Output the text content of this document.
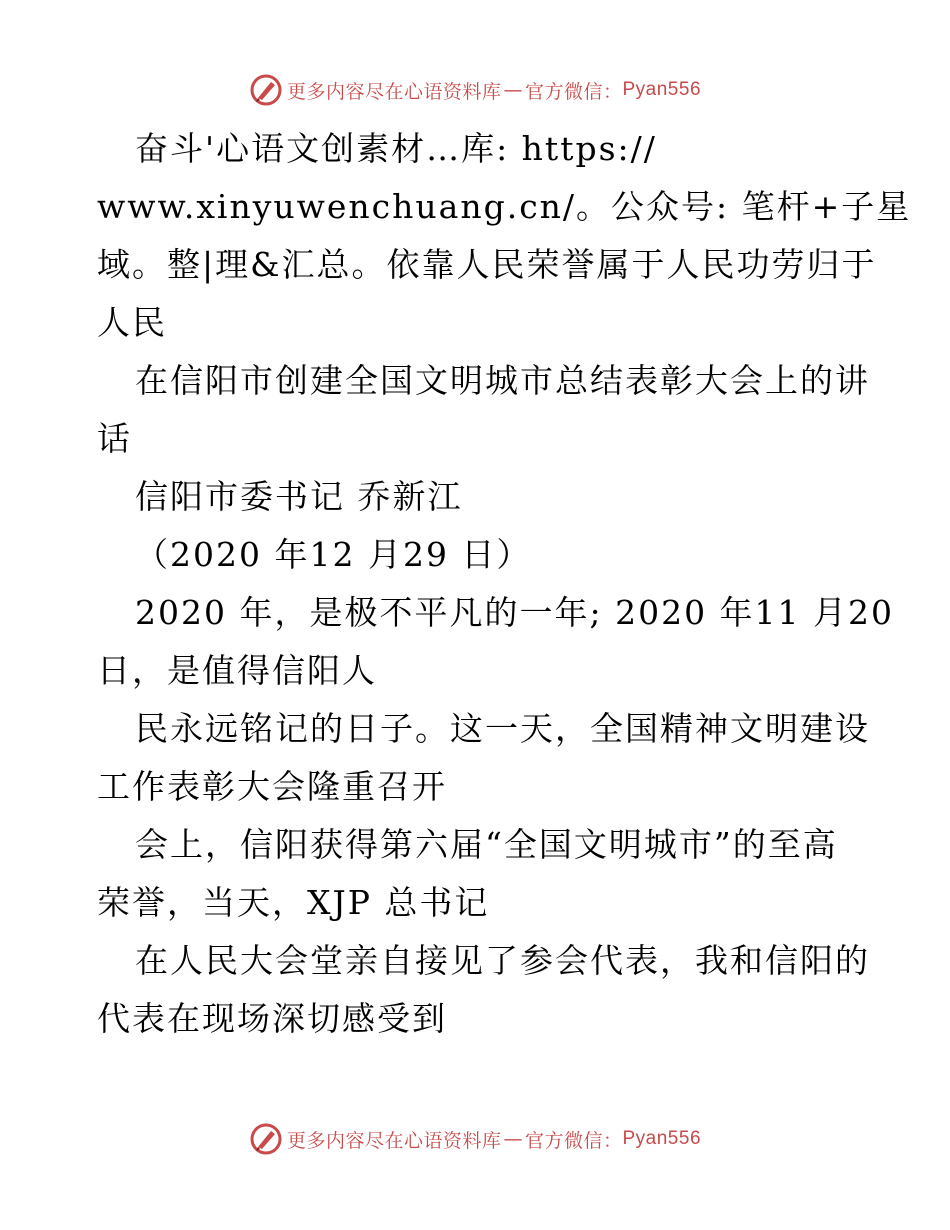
更多内容尽在心语资料库 — 官方微信： Pyan556

奋斗'心语文创素材…库: https://

www.xinyuwenchuang.cn/。公众号: 笔杆+子星

域。整|理&汇总。依靠人民荣誉属于人民功劳归于

人民

在信阳市创建全国文明城市总结表彰大会上的讲

话

信阳市委书记 乔新江

（2020 年12 月29 日）

2020 年，是极不平凡的一年; 2020 年11 月20

日，是值得信阳人

民永远铭记的日子。这一天，全国精神文明建设

工作表彰大会隆重召开

会上，信阳获得第六届“全国文明城市”的至高

荣誉，当天，XJP 总书记

在人民大会堂亲自接见了参会代表，我和信阳的

代表在现场深切感受到

更多内容尽在心语资料库 — 官方微信： Pyan556
